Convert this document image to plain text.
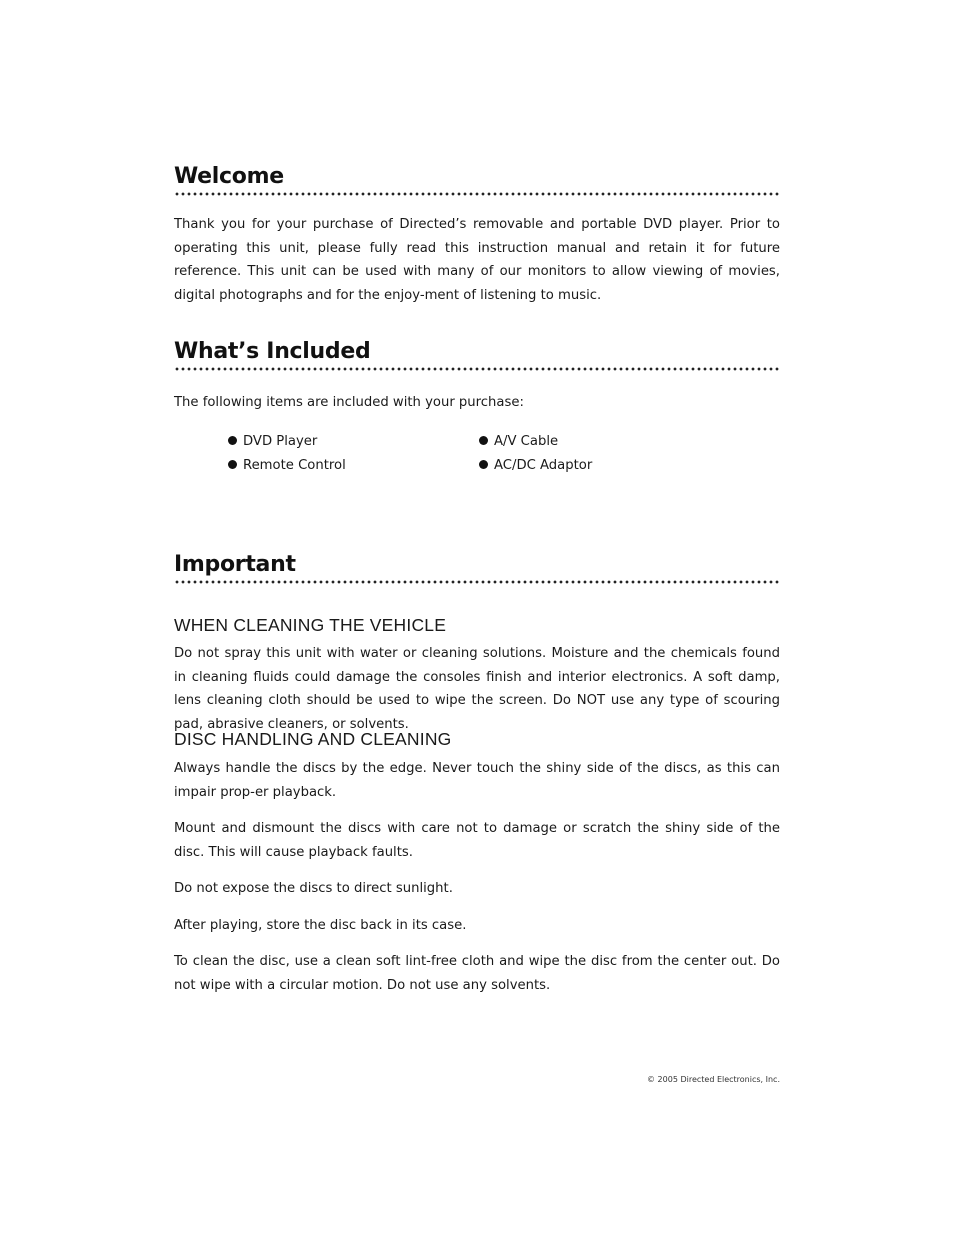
Welcome

Thank you for your purchase of Directed’s removable and portable DVD player. Prior to operating this unit, please fully read this instruction manual and retain it for future reference. This unit can be used with many of our monitors to allow viewing of movies, digital photographs and for the enjoy-ment of listening to music.

What’s Included

The following items are included with your purchase:

DVD Player	A/V Cable
Remote Control	AC/DC Adaptor
Important
WHEN CLEANING THE VEHICLE

Do not spray this unit with water or cleaning solutions. Moisture and the chemicals found in cleaning fluids could damage the consoles finish and interior electronics. A soft damp, lens cleaning cloth should be used to wipe the screen. Do NOT use any type of scouring pad, abrasive cleaners, or solvents.

DISC HANDLING AND CLEANING

Always handle the discs by the edge. Never touch the shiny side of the discs, as this can impair prop-er playback.

Mount and dismount the discs with care not to damage or scratch the shiny side of the disc. This will cause playback faults.

Do not expose the discs to direct sunlight.

After playing, store the disc back in its case.

To clean the disc, use a clean soft lint-free cloth and wipe the disc from the center out. Do not wipe with a circular motion. Do not use any solvents.

© 2005 Directed Electronics, Inc.
